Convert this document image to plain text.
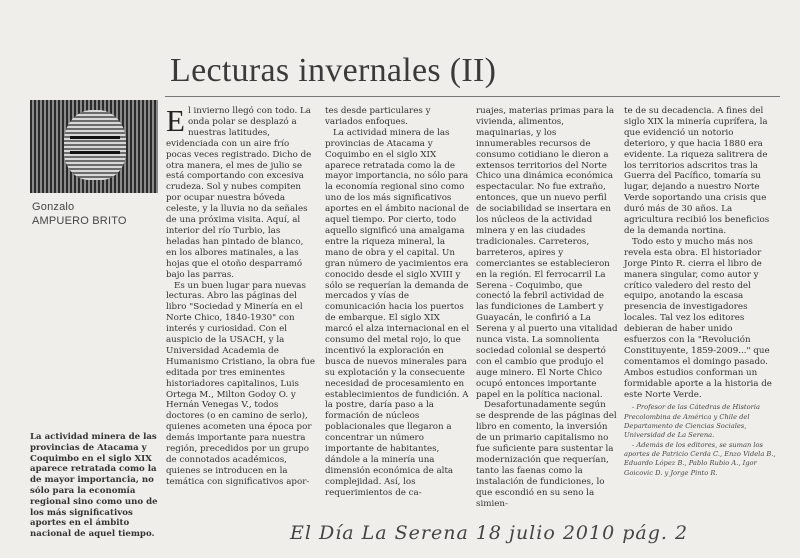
Lecturas invernales (II)
Gonzalo
AMPUERO BRITO
La actividad minera de las provincias de Atacama y Coquimbo en el siglo XIX aparece retratada como la de mayor importancia, no sólo para la economía regional sino como uno de los más significativos aportes en el ámbito nacional de aquel tiempo.

El invierno llegó con todo. La onda polar se desplazó a nuestras latitudes, evidenciada con un aire frío pocas veces registrado. Dicho de otra manera, el mes de julio se está comportando con excesiva crudeza. Sol y nubes compiten por ocupar nuestra bóveda celeste, y la lluvia no da señales de una próxima visita. Aquí, al interior del río Turbio, las heladas han pintado de blanco, en los albores matinales, a las hojas que el otoño desparramó bajo las parras.

Es un buen lugar para nuevas lecturas. Abro las páginas del libro "Sociedad y Minería en el Norte Chico, 1840-1930" con interés y curiosidad. Con el auspicio de la USACH, y la Universidad Academia de Humanismo Cristiano, la obra fue editada por tres eminentes historiadores capitalinos, Luis Ortega M., Milton Godoy O. y Hernán Venegas V., todos doctores (o en camino de serlo), quienes acometen una época por demás importante para nuestra región, precedidos por un grupo de connotados académicos, quienes se introducen en la temática con significativos apor-

tes desde particulares y variados enfoques.

La actividad minera de las provincias de Atacama y Coquimbo en el siglo XIX aparece retratada como la de mayor importancia, no sólo para la economía regional sino como uno de los más significativos aportes en el ámbito nacional de aquel tiempo. Por cierto, todo aquello significó una amalgama entre la riqueza mineral, la mano de obra y el capital. Un gran número de yacimientos era conocido desde el siglo XVIII y sólo se requerían la demanda de mercados y vías de comunicación hacia los puertos de embarque. El siglo XIX marcó el alza internacional en el consumo del metal rojo, lo que incentivó la exploración en busca de nuevos minerales para su explotación y la consecuente necesidad de procesamiento en establecimientos de fundición. A la postre, daría paso a la formación de núcleos poblacionales que llegaron a concentrar un número importante de habitantes, dándole a la minería una dimensión económica de alta complejidad. Así, los requerimientos de ca-

ruajes, materias primas para la vivienda, alimentos, maquinarias, y los innumerables recursos de consumo cotidiano le dieron a extensos territorios del Norte Chico una dinámica económica espectacular. No fue extraño, entonces, que un nuevo perfil de sociabilidad se insertara en los núcleos de la actividad minera y en las ciudades tradicionales. Carreteros, barreteros, apires y comerciantes se establecieron en la región. El ferrocarril La Serena - Coquimbo, que conectó la febril actividad de las fundiciones de Lambert y Guayacán, le confirió a La Serena y al puerto una vitalidad nunca vista. La somnolienta sociedad colonial se despertó con el cambio que produjo el auge minero. El Norte Chico ocupó entonces importante papel en la política nacional.

Desafortunadamente según se desprende de las páginas del libro en comento, la inversión de un primario capitalismo no fue suficiente para sustentar la modernización que requerían, tanto las faenas como la instalación de fundiciones, lo que escondió en su seno la simien-

te de su decadencia. A fines del siglo XIX la minería cuprífera, la que evidenció un notorio deterioro, y que hacia 1880 era evidente. La riqueza salitrera de los territorios adscritos tras la Guerra del Pacífico, tomaría su lugar, dejando a nuestro Norte Verde soportando una crisis que duró más de 30 años. La agricultura recibió los beneficios de la demanda nortina.

Todo esto y mucho más nos revela esta obra. El historiador Jorge Pinto R. cierra el libro de manera singular, como autor y crítico valedero del resto del equipo, anotando la escasa presencia de investigadores locales. Tal vez los editores debieran de haber unido esfuerzos con la "Revolución Constituyente, 1859-2009..." que comentamos el domingo pasado. Ambos estudios conforman un formidable aporte a la historia de este Norte Verde.

- Profesor de las Cátedras de Historia Precolombina de América y Chile del Departamento de Ciencias Sociales, Universidad de La Serena.

- Además de los editores, se suman los aportes de Patricio Cerda C., Enzo Videla B., Eduardo López B., Pablo Rubio A., Igor Goicovic D. y Jorge Pinto R.

El Día La Serena 18 julio 2010 pág. 2
